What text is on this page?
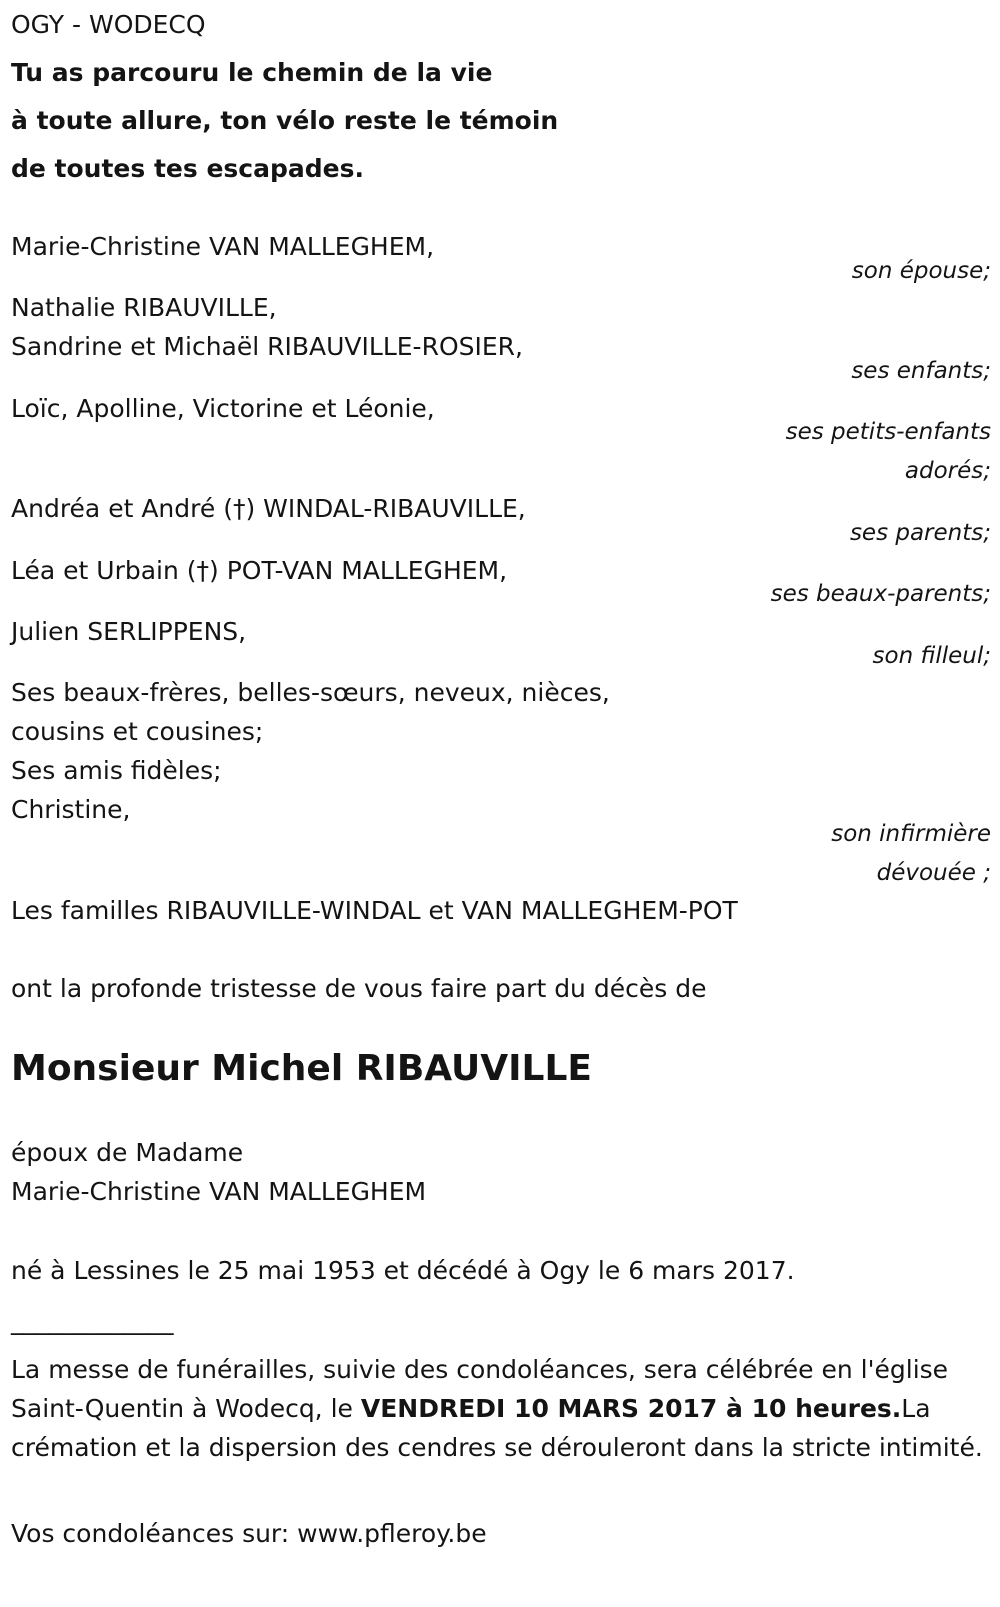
OGY - WODECQ

Tu as parcouru le chemin de la vie

à toute allure, ton vélo reste le témoin

de toutes tes escapades.

Marie-Christine VAN MALLEGHEM,

son épouse;

Nathalie RIBAUVILLE,

Sandrine et Michaël RIBAUVILLE-ROSIER,

ses enfants;

Loïc, Apolline, Victorine et Léonie,

ses petits-enfants
adorés;

Andréa et André (†) WINDAL-RIBAUVILLE,

ses parents;

Léa et Urbain (†) POT-VAN MALLEGHEM,

ses beaux-parents;

Julien SERLIPPENS,

son filleul;

Ses beaux-frères, belles-sœurs, neveux, nièces,

cousins et cousines;

Ses amis fidèles;

Christine,

son infirmière
dévouée ;

Les familles RIBAUVILLE-WINDAL et VAN MALLEGHEM-POT

ont la profonde tristesse de vous faire part du décès de

Monsieur Michel RIBAUVILLE

époux de Madame

Marie-Christine VAN MALLEGHEM

né à Lessines le 25 mai 1953 et décédé à Ogy le 6 mars 2017.

_____________

La messe de funérailles, suivie des condoléances, sera célébrée en l'église Saint-Quentin à Wodecq, le VENDREDI 10 MARS 2017 à 10 heures.La crémation et la dispersion des cendres se dérouleront dans la stricte intimité.

Vos condoléances sur: www.pfleroy.be
